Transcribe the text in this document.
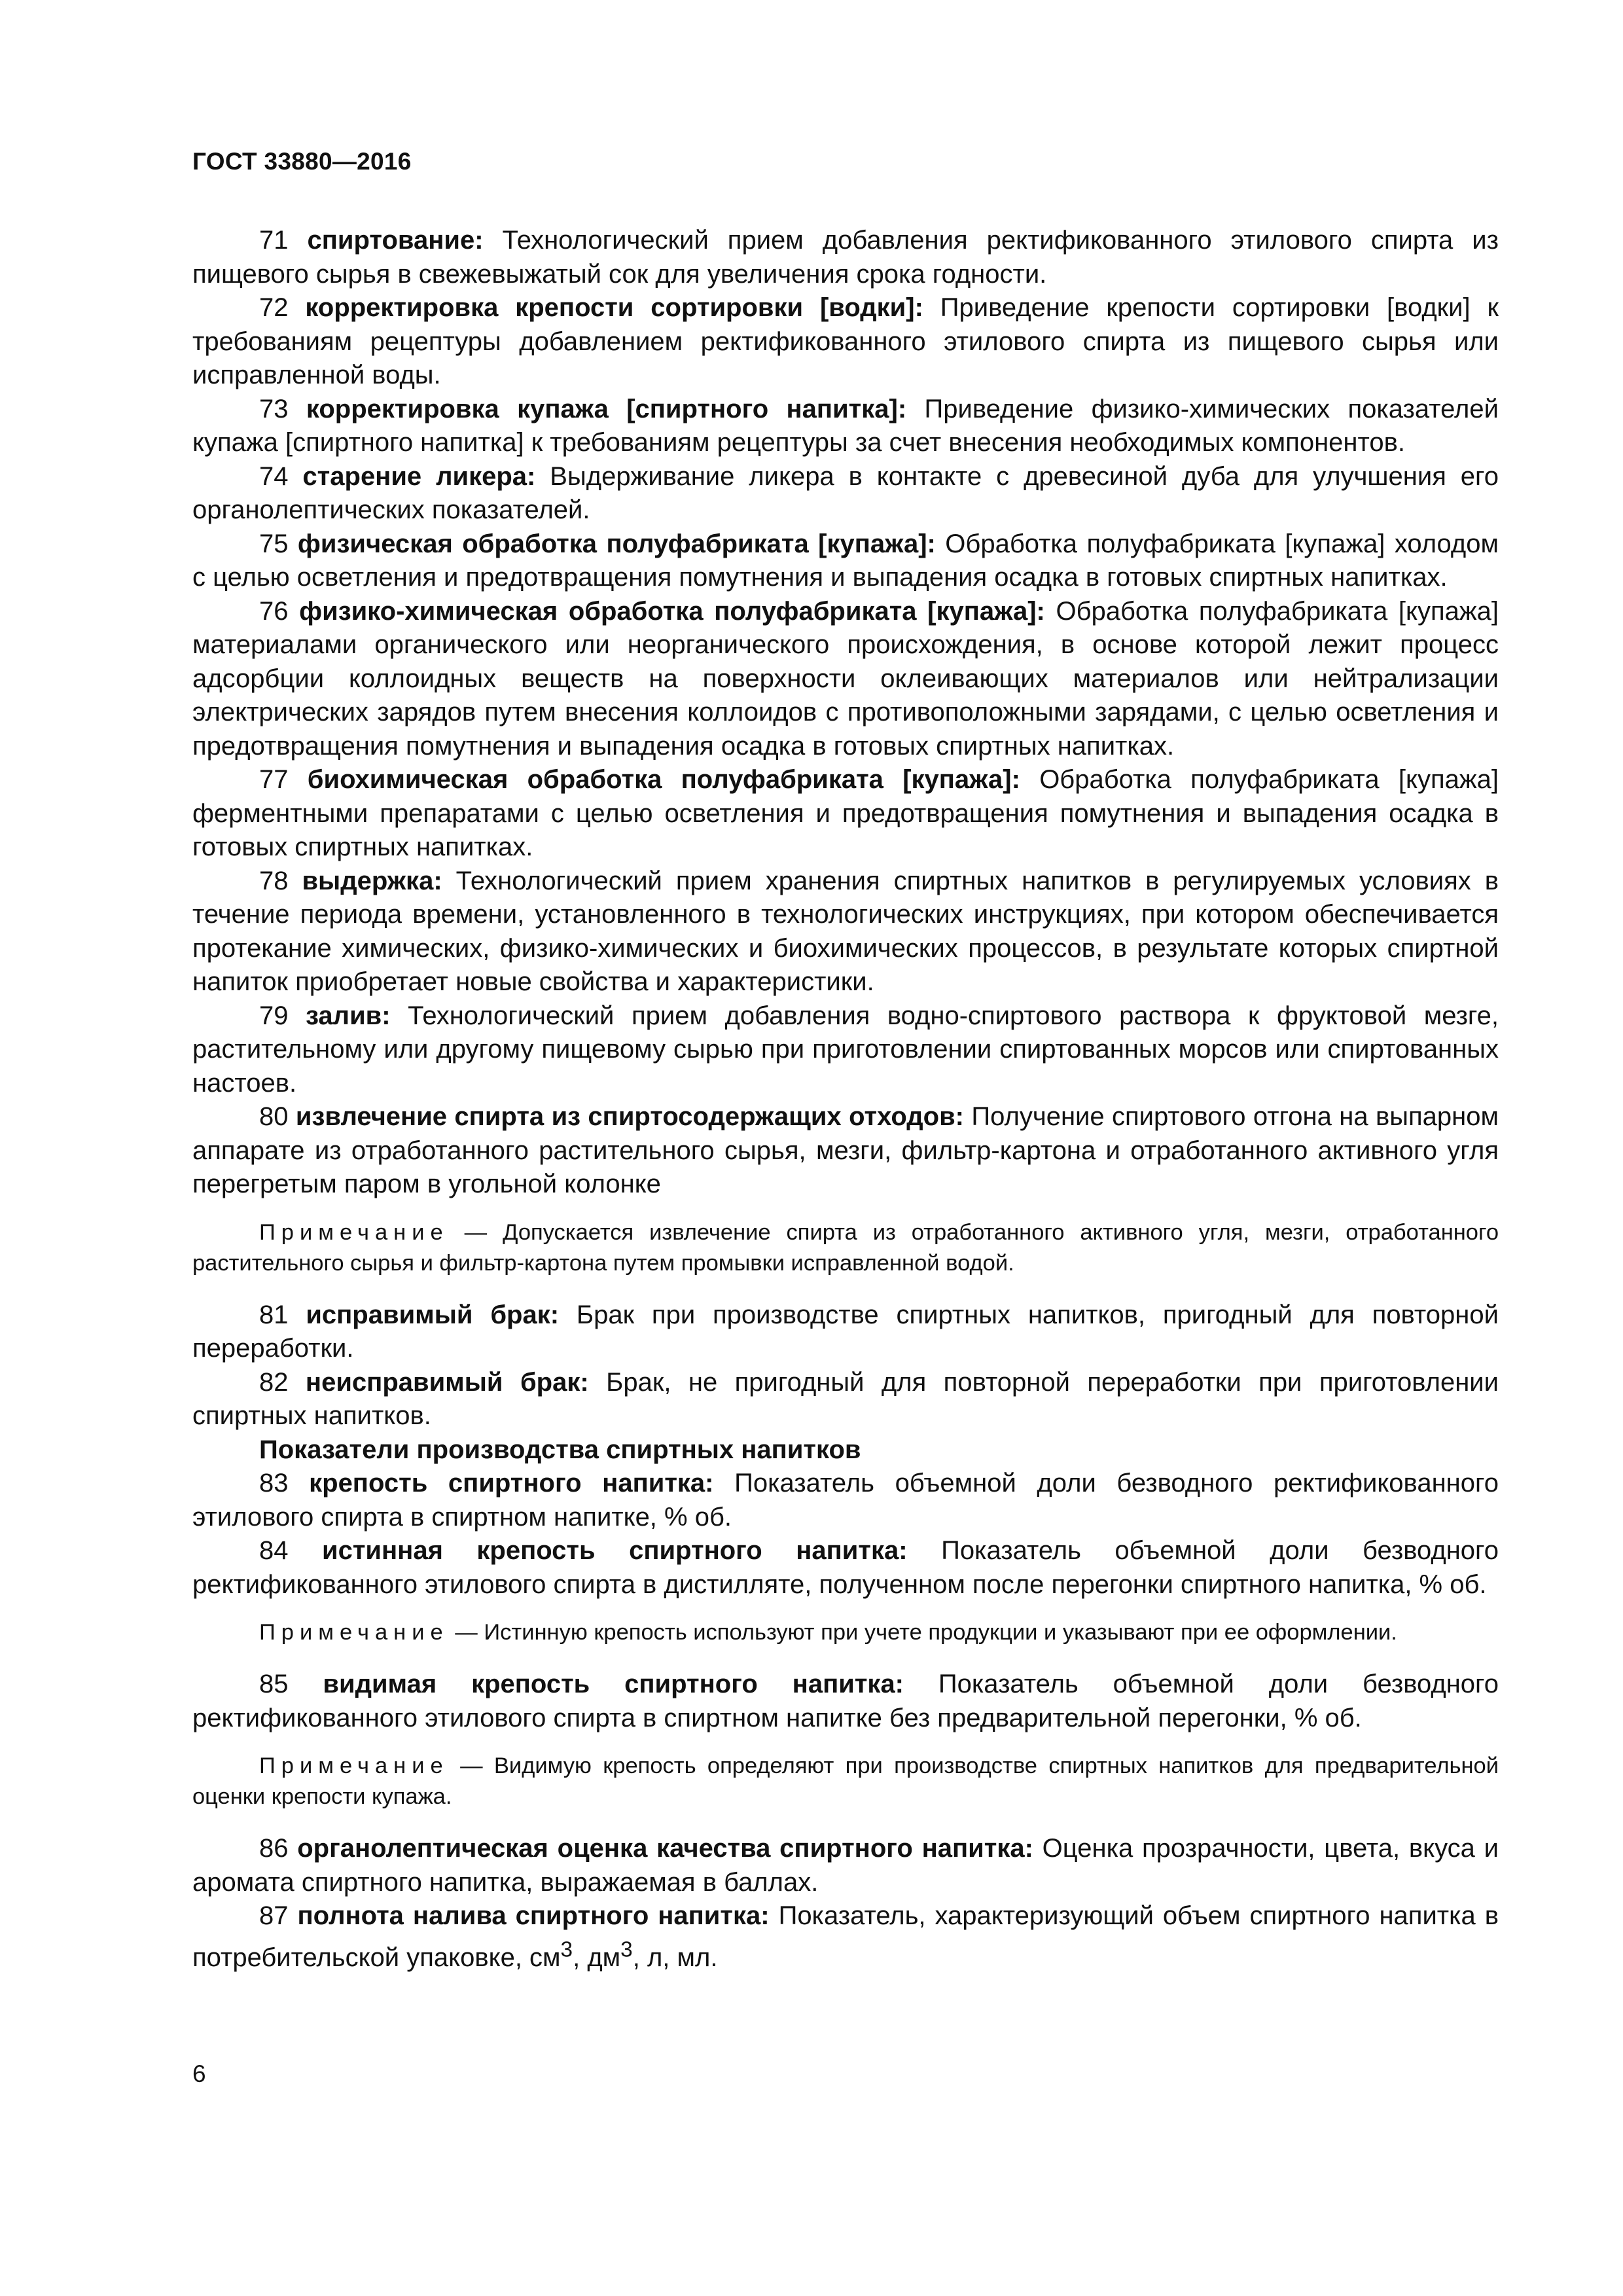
ГОСТ 33880—2016

71 спиртование: Технологический прием добавления ректификованного этилового спирта из пищевого сырья в свежевыжатый сок для увеличения срока годности.

72 корректировка крепости сортировки [водки]: Приведение крепости сортировки [водки] к требованиям рецептуры добавлением ректификованного этилового спирта из пищевого сырья или исправленной воды.

73 корректировка купажа [спиртного напитка]: Приведение физико-химических показателей купажа [спиртного напитка] к требованиям рецептуры за счет внесения необходимых компонентов.

74 старение ликера: Выдерживание ликера в контакте с древесиной дуба для улучшения его органолептических показателей.

75 физическая обработка полуфабриката [купажа]: Обработка полуфабриката [купажа] холодом с целью осветления и предотвращения помутнения и выпадения осадка в готовых спиртных напитках.

76 физико-химическая обработка полуфабриката [купажа]: Обработка полуфабриката [купажа] материалами органического или неорганического происхождения, в основе которой лежит процесс адсорбции коллоидных веществ на поверхности оклеивающих материалов или нейтрализации электрических зарядов путем внесения коллоидов с противоположными зарядами, с целью осветления и предотвращения помутнения и выпадения осадка в готовых спиртных напитках.

77 биохимическая обработка полуфабриката [купажа]: Обработка полуфабриката [купажа] ферментными препаратами с целью осветления и предотвращения помутнения и выпадения осадка в готовых спиртных напитках.

78 выдержка: Технологический прием хранения спиртных напитков в регулируемых условиях в течение периода времени, установленного в технологических инструкциях, при котором обеспечивается протекание химических, физико-химических и биохимических процессов, в результате которых спиртной напиток приобретает новые свойства и характеристики.

79 залив: Технологический прием добавления водно-спиртового раствора к фруктовой мезге, растительному или другому пищевому сырью при приготовлении спиртованных морсов или спиртованных настоев.

80 извлечение спирта из спиртосодержащих отходов: Получение спиртового отгона на выпарном аппарате из отработанного растительного сырья, мезги, фильтр-картона и отработанного активного угля перегретым паром в угольной колонке

Примечание — Допускается извлечение спирта из отработанного активного угля, мезги, отработанного растительного сырья и фильтр-картона путем промывки исправленной водой.

81 исправимый брак: Брак при производстве спиртных напитков, пригодный для повторной переработки.

82 неисправимый брак: Брак, не пригодный для повторной переработки при приготовлении спиртных напитков.

Показатели производства спиртных напитков

83 крепость спиртного напитка: Показатель объемной доли безводного ректификованного этилового спирта в спиртном напитке, % об.

84 истинная крепость спиртного напитка: Показатель объемной доли безводного ректификованного этилового спирта в дистилляте, полученном после перегонки спиртного напитка, % об.

Примечание — Истинную крепость используют при учете продукции и указывают при ее оформлении.

85 видимая крепость спиртного напитка: Показатель объемной доли безводного ректификованного этилового спирта в спиртном напитке без предварительной перегонки, % об.

Примечание — Видимую крепость определяют при производстве спиртных напитков для предварительной оценки крепости купажа.

86 органолептическая оценка качества спиртного напитка: Оценка прозрачности, цвета, вкуса и аромата спиртного напитка, выражаемая в баллах.

87 полнота налива спиртного напитка: Показатель, характеризующий объем спиртного напитка в потребительской упаковке, $см^3$, $дм^3$, л, мл.

6
